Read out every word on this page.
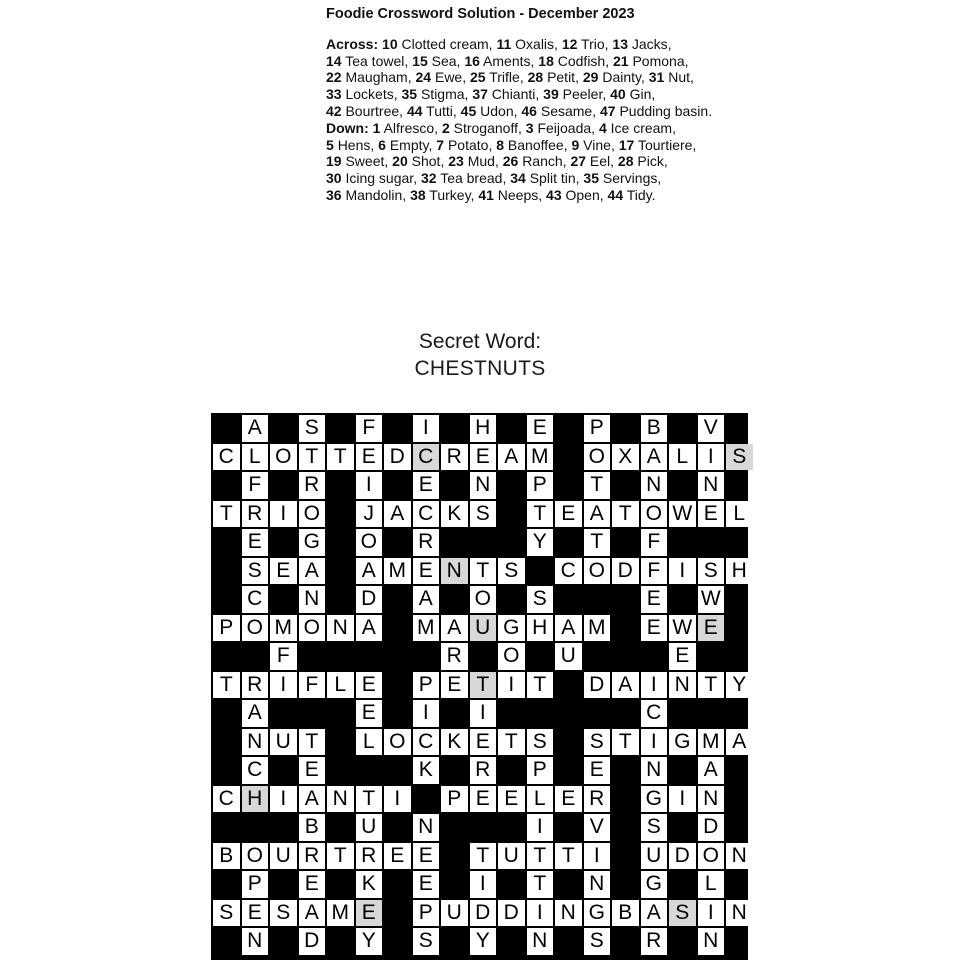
Foodie Crossword Solution - December 2023
Across: 10 Clotted cream, 11 Oxalis, 12 Trio, 13 Jacks, 14 Tea towel, 15 Sea, 16 Aments, 18 Codfish, 21 Pomona, 22 Maugham, 24 Ewe, 25 Trifle, 28 Petit, 29 Dainty, 31 Nut, 33 Lockets, 35 Stigma, 37 Chianti, 39 Peeler, 40 Gin, 42 Bourtree, 44 Tutti, 45 Udon, 46 Sesame, 47 Pudding basin.
Down: 1 Alfresco, 2 Stroganoff, 3 Feijoada, 4 Ice cream, 5 Hens, 6 Empty, 7 Potato, 8 Banoffee, 9 Vine, 17 Tourtiere, 19 Sweet, 20 Shot, 23 Mud, 26 Ranch, 27 Eel, 28 Pick, 30 Icing sugar, 32 Tea bread, 34 Split tin, 35 Servings, 36 Mandolin, 38 Turkey, 41 Neeps, 43 Open, 44 Tidy.
Secret Word:
CHESTNUTS
A S	F	I	H E P B V
C L O T T E D C R E A M O X A L I S
F	R	I	E N P	T	N N
T R I O	J A C K S	T E A T O W E L
E G O R	Y	T	F
S E A A M E N T S C O D F I S H
C N D A O S	E W
P O M O N A M A U G H A M E W E
F	R O U	E
T R I F L E P E T I T	D A I N T Y
A	E	I	I	C
N U T	L O C K E T S S T I G M A
C E	K R P E N A
C H I A N T I	P E E L E R G I N
B U N	I	V S D
B O U R T R E E	T U T T I	U D O N
P E K E	I	T	N G	L
S E S A M E P U D D I N G B A S I N
N D Y S Y N S R N
